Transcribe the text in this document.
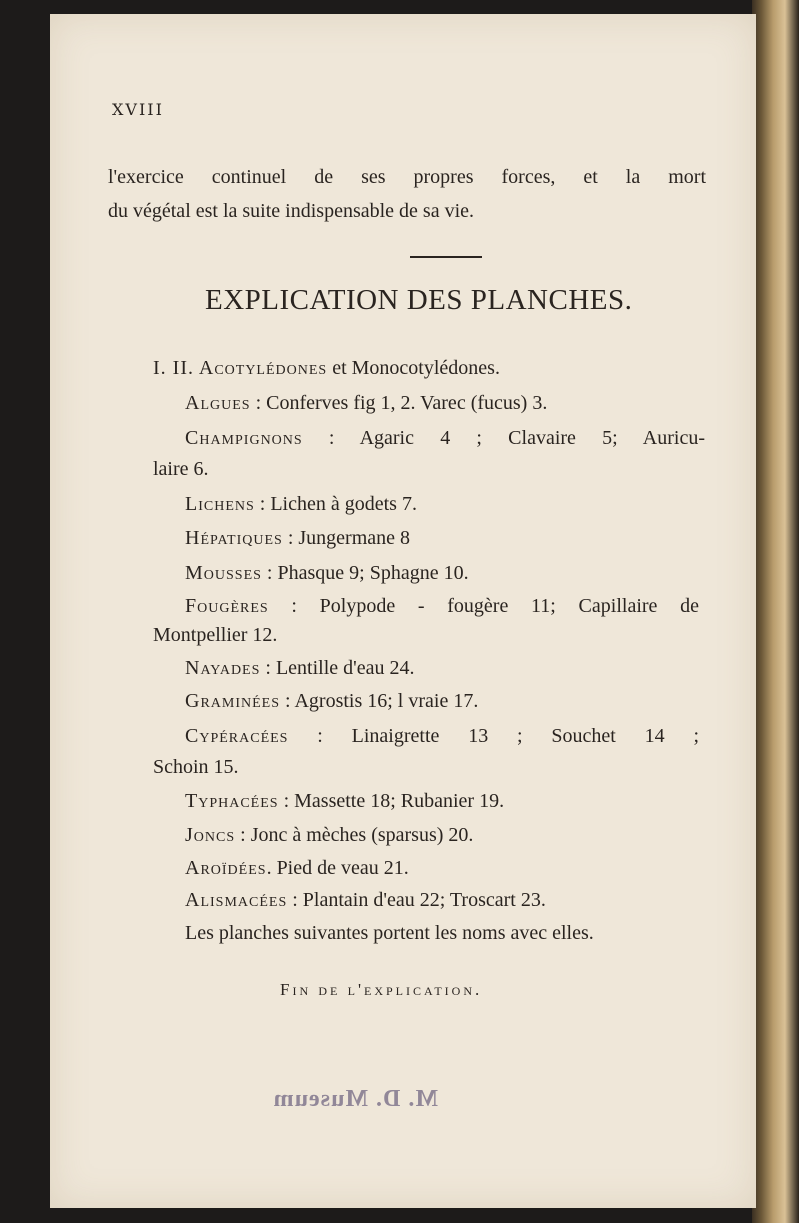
XVIII
l'exercice continuel de ses propres forces, et la mort
du végétal est la suite indispensable de sa vie.
EXPLICATION DES PLANCHES.
I. II. Acotylédones et Monocotylédones.
Algues : Conferves fig 1, 2. Varec (fucus) 3.
Champignons : Agaric 4 ; Clavaire 5; Auricu-
laire 6.
Lichens : Lichen à godets 7.
Hépatiques : Jungermane 8
Mousses : Phasque 9; Sphagne 10.
Fougères : Polypode - fougère 11; Capillaire de
Montpellier 12.
Nayades : Lentille d'eau 24.
Graminées : Agrostis 16; l vraie 17.
Cypéracées : Linaigrette 13 ; Souchet 14 ;
Schoin 15.
Typhacées : Massette 18; Rubanier 19.
Joncs : Jonc à mèches (sparsus) 20.
Aroïdées. Pied de veau 21.
Alismacées : Plantain d'eau 22; Troscart 23.
Les planches suivantes portent les noms avec elles.
Fin de l'explication.
M. D. Museum
